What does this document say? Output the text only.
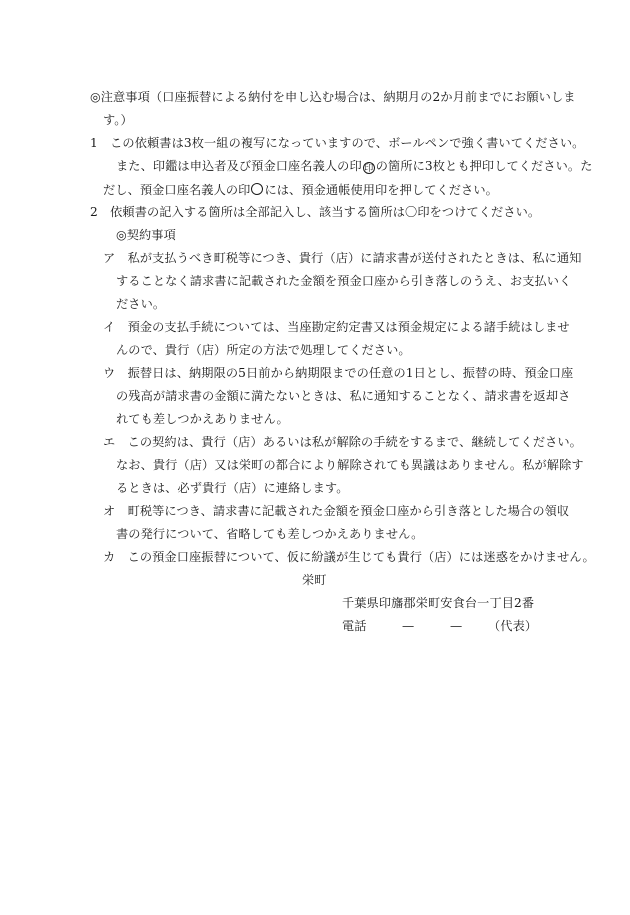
◎注意事項（口座振替による納付を申し込む場合は、納期月の2か月前までにお願いしま
す。）
1　この依頼書は3枚一組の複写になっていますので、ボールペンで強く書いてください。
また、印鑑は申込者及び預金口座名義人の印 印 の箇所に3枚とも押印してください。た
だし、預金口座名義人の印 には、預金通帳使用印を押してください。
2　依頼書の記入する箇所は全部記入し、該当する箇所は〇印をつけてください。
◎契約事項
ア　私が支払うべき町税等につき、貴行（店）に請求書が送付されたときは、私に通知
することなく請求書に記載された金額を預金口座から引き落しのうえ、お支払いく
ださい。
イ　預金の支払手続については、当座勘定約定書又は預金規定による諸手続はしませ
んので、貴行（店）所定の方法で処理してください。
ウ　振替日は、納期限の5日前から納期限までの任意の1日とし、振替の時、預金口座
の残高が請求書の金額に満たないときは、私に通知することなく、請求書を返却さ
れても差しつかえありません。
エ　この契約は、貴行（店）あるいは私が解除の手続をするまで、継続してください。
なお、貴行（店）又は栄町の都合により解除されても異議はありません。私が解除す
るときは、必ず貴行（店）に連絡します。
オ　町税等につき、請求書に記載された金額を預金口座から引き落とした場合の領収
書の発行について、省略しても差しつかえありません。
カ　この預金口座振替について、仮に紛議が生じても貴行（店）には迷惑をかけません。
栄町
千葉県印旛郡栄町安食台一丁目2番
電話	—	— （代表）
